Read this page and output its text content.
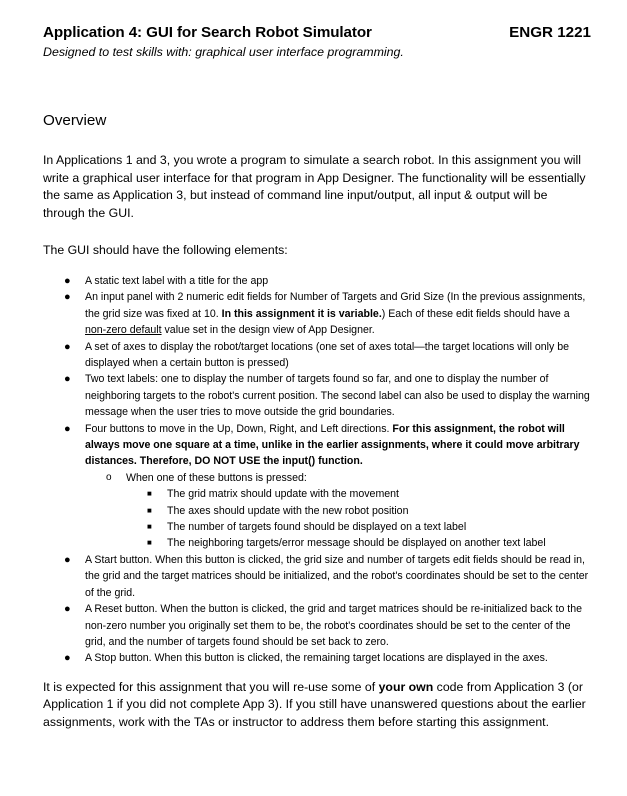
Application 4: GUI for Search Robot Simulator	ENGR 1221
Designed to test skills with: graphical user interface programming.
Overview

In Applications 1 and 3, you wrote a program to simulate a search robot. In this assignment you will write a graphical user interface for that program in App Designer. The functionality will be essentially the same as Application 3, but instead of command line input/output, all input & output will be through the GUI.

The GUI should have the following elements:

● A static text label with a title for the app
● An input panel with 2 numeric edit fields for Number of Targets and Grid Size (In the previous assignments, the grid size was fixed at 10. In this assignment it is variable.) Each of these edit fields should have a non-zero default value set in the design view of App Designer.
● A set of axes to display the robot/target locations (one set of axes total—the target locations will only be displayed when a certain button is pressed)
● Two text labels: one to display the number of targets found so far, and one to display the number of neighboring targets to the robot's current position. The second label can also be used to display the warning message when the user tries to move outside the grid boundaries.
● Four buttons to move in the Up, Down, Right, and Left directions. For this assignment, the robot will always move one square at a time, unlike in the earlier assignments, where it could move arbitrary distances. Therefore, DO NOT USE the input() function.
o When one of these buttons is pressed:
■ The grid matrix should update with the movement
■ The axes should update with the new robot position
■ The number of targets found should be displayed on a text label
■ The neighboring targets/error message should be displayed on another text label
● A Start button. When this button is clicked, the grid size and number of targets edit fields should be read in, the grid and the target matrices should be initialized, and the robot's coordinates should be set to the center of the grid.
● A Reset button. When the button is clicked, the grid and target matrices should be re-initialized back to the non-zero number you originally set them to be, the robot's coordinates should be set to the center of the grid, and the number of targets found should be set back to zero.
● A Stop button. When this button is clicked, the remaining target locations are displayed in the axes.

It is expected for this assignment that you will re-use some of your own code from Application 3 (or Application 1 if you did not complete App 3). If you still have unanswered questions about the earlier assignments, work with the TAs or instructor to address them before starting this assignment.
